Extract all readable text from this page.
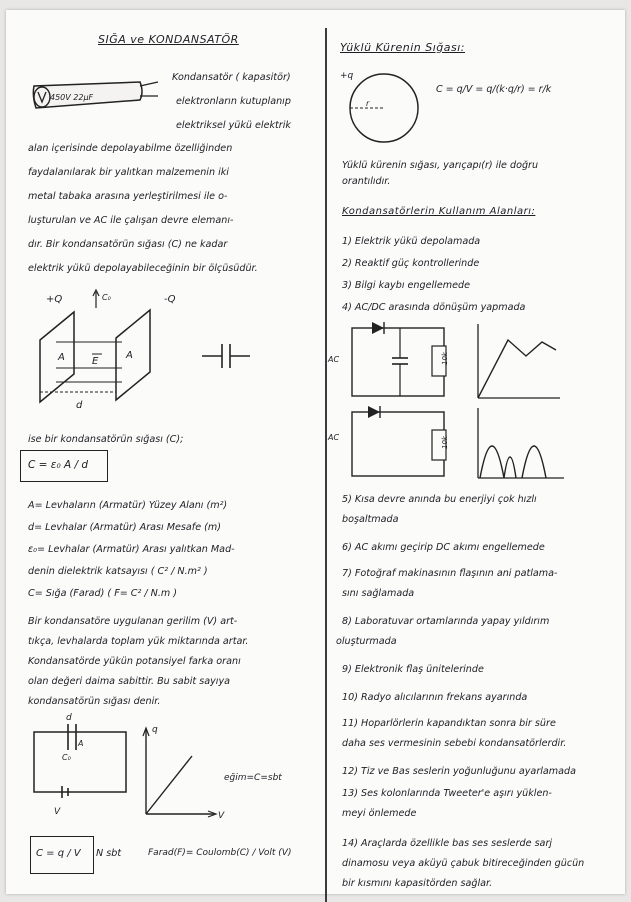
SIĞA ve KONDANSATÖR
450V 22µF
Kondansatör ( kapasitör)
elektronların kutuplanıp
elektriksel yükü elektrik
alan içerisinde depolayabilme özelliğinden
faydalanılarak bir yalıtkan malzemenin iki
metal tabaka arasına yerleştirilmesi ile o-
luşturulan ve AC ile çalışan devre elemanı-
dır. Bir kondansatörün sığası (C) ne kadar
elektrik yükü depolayabileceğinin bir ölçüsüdür.
+Q	-Q
C₀
A	A
E
d
ise bir kondansatörün sığası (C);
C = ε₀ A / d
A= Levhaların (Armatür) Yüzey Alanı (m²)
d= Levhalar (Armatür) Arası Mesafe (m)
ε₀= Levhalar (Armatür) Arası yalıtkan Mad-
denin dielektrik katsayısı ( C² / N.m² )
C= Sığa (Farad) ( F= C² / N.m )
Bir kondansatöre uygulanan gerilim (V) art-
tıkça, levhalarda toplam yük miktarında artar.
Kondansatörde yükün potansiyel farka oranı
olan değeri daima sabittir. Bu sabit sayıya
kondansatörün sığası denir.
d
A
C₀
V
q
V
eğim=C=sbt
C = q / V N sbt	Farad(F)= Coulomb(C) / Volt (V)
Yüklü Kürenin Sığası:
+q
r
C = q/V = q/(k·q/r) = r/k
Yüklü kürenin sığası, yarıçapı(r) ile doğru
orantılıdır.
Kondansatörlerin Kullanım Alanları:
1) Elektrik yükü depolamada
2) Reaktif güç kontrollerinde
3) Bilgi kaybı engellemede
4) AC/DC arasında dönüşüm yapmada
AC	10k
AC	10k
5) Kısa devre anında bu enerjiyi çok hızlı
boşaltmada
6) AC akımı geçirip DC akımı engellemede
7) Fotoğraf makinasının flaşının ani patlama-
sını sağlamada
8) Laboratuvar ortamlarında yapay yıldırım
oluşturmada
9) Elektronik flaş ünitelerinde
10) Radyo alıcılarının frekans ayarında
11) Hoparlörlerin kapandıktan sonra bir süre
daha ses vermesinin sebebi kondansatörlerdir.
12) Tiz ve Bas seslerin yoğunluğunu ayarlamada
13) Ses kolonlarında Tweeter'e aşırı yüklen-
meyi önlemede
14) Araçlarda özellikle bas ses seslerde sarj
dinamosu veya aküyü çabuk bitireceğinden gücün
bir kısmını kapasitörden sağlar.
